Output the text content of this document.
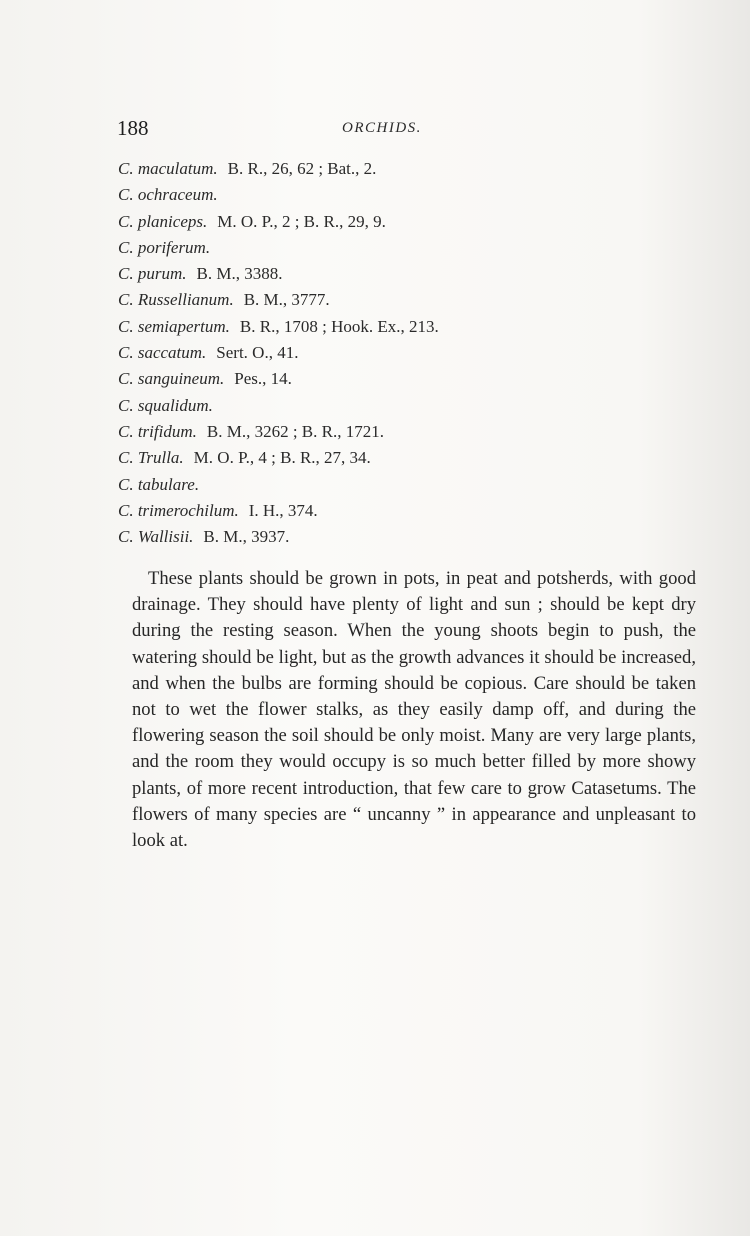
188	ORCHIDS.
C. maculatum. B. R., 26, 62 ; Bat., 2.
C. ochraceum.
C. planiceps. M. O. P., 2 ; B. R., 29, 9.
C. poriferum.
C. purum. B. M., 3388.
C. Russellianum. B. M., 3777.
C. semiapertum. B. R., 1708 ; Hook. Ex., 213.
C. saccatum. Sert. O., 41.
C. sanguineum. Pes., 14.
C. squalidum.
C. trifidum. B. M., 3262 ; B. R., 1721.
C. Trulla. M. O. P., 4 ; B. R., 27, 34.
C. tabulare.
C. trimerochilum. I. H., 374.
C. Wallisii. B. M., 3937.

These plants should be grown in pots, in peat and potsherds, with good drainage. They should have plenty of light and sun ; should be kept dry during the resting season. When the young shoots begin to push, the watering should be light, but as the growth advances it should be increased, and when the bulbs are forming should be copious. Care should be taken not to wet the flower stalks, as they easily damp off, and during the flowering season the soil should be only moist. Many are very large plants, and the room they would occupy is so much better filled by more showy plants, of more recent introduction, that few care to grow Catasetums. The flowers of many species are “ uncanny ” in appearance and unpleasant to look at.
